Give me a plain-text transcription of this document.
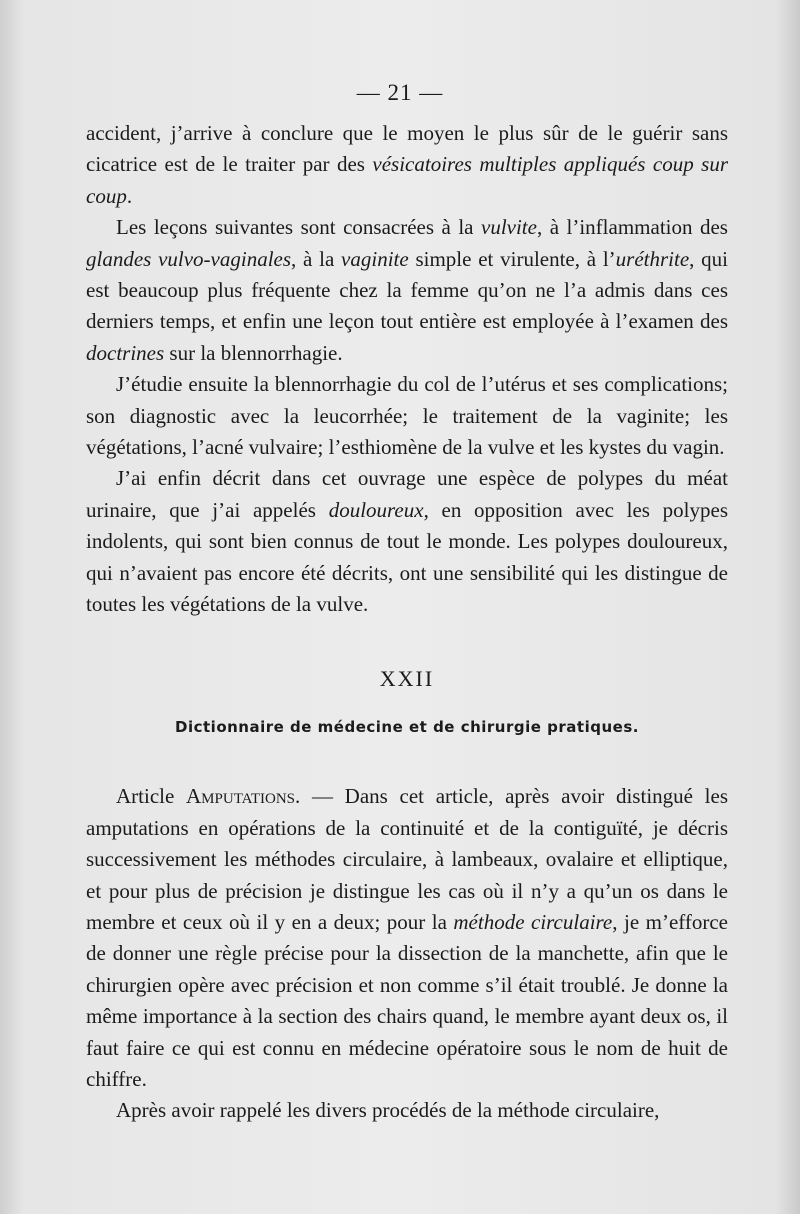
— 21 —

accident, j’arrive à conclure que le moyen le plus sûr de le guérir sans cicatrice est de le traiter par des vésicatoires multiples appliqués coup sur coup.

Les leçons suivantes sont consacrées à la vulvite, à l’inflammation des glandes vulvo-vaginales, à la vaginite simple et virulente, à l’uréthrite, qui est beaucoup plus fréquente chez la femme qu’on ne l’a admis dans ces derniers temps, et enfin une leçon tout entière est employée à l’examen des doctrines sur la blennorrhagie.

J’étudie ensuite la blennorrhagie du col de l’utérus et ses complications; son diagnostic avec la leucorrhée; le traitement de la vaginite; les végétations, l’acné vulvaire; l’esthiomène de la vulve et les kystes du vagin.

J’ai enfin décrit dans cet ouvrage une espèce de polypes du méat urinaire, que j’ai appelés douloureux, en opposition avec les polypes indolents, qui sont bien connus de tout le monde. Les polypes douloureux, qui n’avaient pas encore été décrits, ont une sensibilité qui les distingue de toutes les végétations de la vulve.

XXII
Dictionnaire de médecine et de chirurgie pratiques.

Article Amputations. — Dans cet article, après avoir distingué les amputations en opérations de la continuité et de la contiguïté, je décris successivement les méthodes circulaire, à lambeaux, ovalaire et elliptique, et pour plus de précision je distingue les cas où il n’y a qu’un os dans le membre et ceux où il y en a deux; pour la méthode circulaire, je m’efforce de donner une règle précise pour la dissection de la manchette, afin que le chirurgien opère avec précision et non comme s’il était troublé. Je donne la même importance à la section des chairs quand, le membre ayant deux os, il faut faire ce qui est connu en médecine opératoire sous le nom de huit de chiffre.

Après avoir rappelé les divers procédés de la méthode circulaire,
